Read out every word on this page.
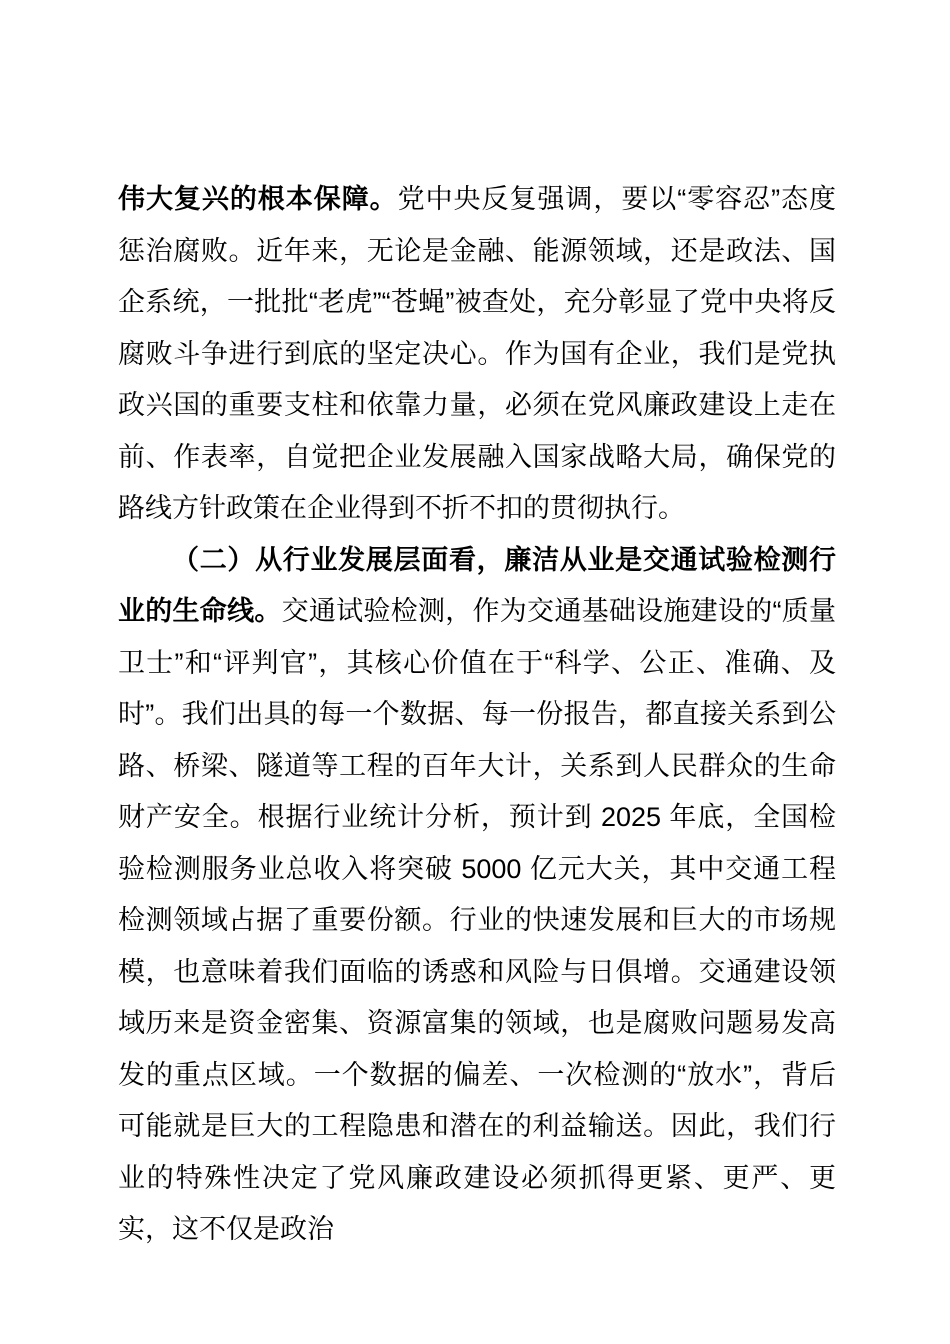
伟大复兴的根本保障。党中央反复强调，要以“零容忍”态度惩治腐败。近年来，无论是金融、能源领域，还是政法、国企系统，一批批“老虎”“苍蝇”被查处，充分彰显了党中央将反腐败斗争进行到底的坚定决心。作为国有企业，我们是党执政兴国的重要支柱和依靠力量，必须在党风廉政建设上走在前、作表率，自觉把企业发展融入国家战略大局，确保党的路线方针政策在企业得到不折不扣的贯彻执行。

（二）从行业发展层面看，廉洁从业是交通试验检测行业的生命线。交通试验检测，作为交通基础设施建设的“质量卫士”和“评判官”，其核心价值在于“科学、公正、准确、及时”。我们出具的每一个数据、每一份报告，都直接关系到公路、桥梁、隧道等工程的百年大计，关系到人民群众的生命财产安全。根据行业统计分析，预计到 2025 年底，全国检验检测服务业总收入将突破 5000 亿元大关，其中交通工程检测领域占据了重要份额。行业的快速发展和巨大的市场规模，也意味着我们面临的诱惑和风险与日俱增。交通建设领域历来是资金密集、资源富集的领域，也是腐败问题易发高发的重点区域。一个数据的偏差、一次检测的“放水”，背后可能就是巨大的工程隐患和潜在的利益输送。因此，我们行业的特殊性决定了党风廉政建设必须抓得更紧、更严、更实，这不仅是政治
